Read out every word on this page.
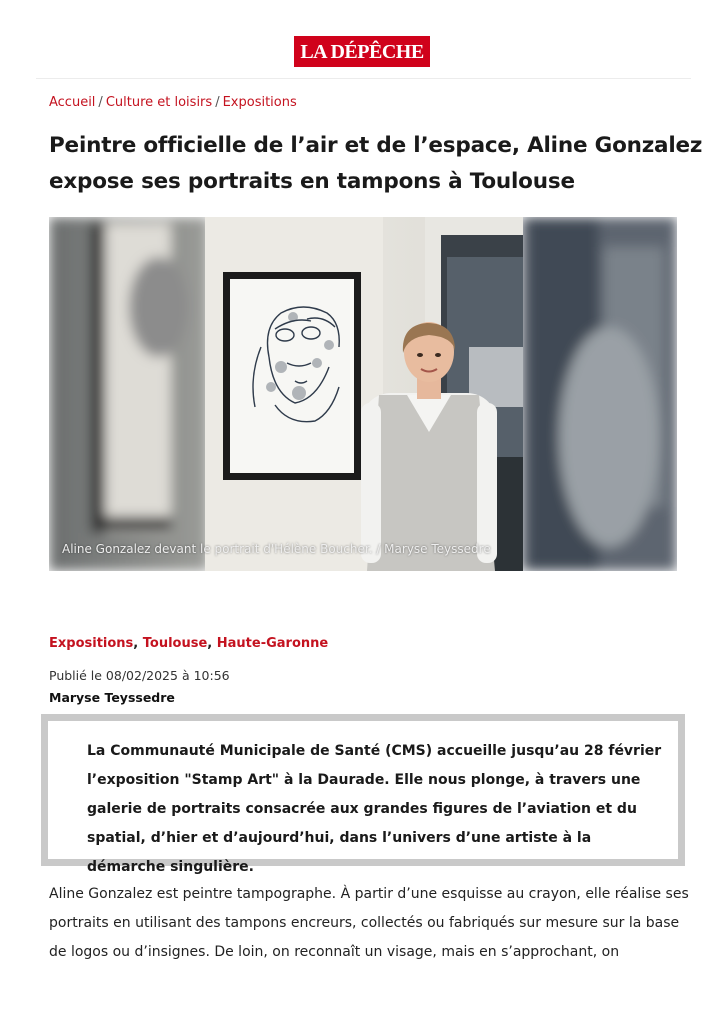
LA DÉPÊCHE
Accueil / Culture et loisirs / Expositions
Peintre officielle de l’air et de l’espace, Aline Gonzalez expose ses portraits en tampons à Toulouse
Aline Gonzalez devant le portrait d'Hélène Boucher. / Maryse Teyssedre
Expositions, Toulouse, Haute-Garonne
Publié le 08/02/2025 à 10:56
Maryse Teyssedre

La Communauté Municipale de Santé (CMS) accueille jusqu’au 28 février l’exposition "Stamp Art" à la Daurade. Elle nous plonge, à travers une galerie de portraits consacrée aux grandes figures de l’aviation et du spatial, d’hier et d’aujourd’hui, dans l’univers d’une artiste à la démarche singulière.

Aline Gonzalez est peintre tampographe. À partir d’une esquisse au crayon, elle réalise ses portraits en utilisant des tampons encreurs, collectés ou fabriqués sur mesure sur la base de logos ou d’insignes. De loin, on reconnaît un visage, mais en s’approchant, on
